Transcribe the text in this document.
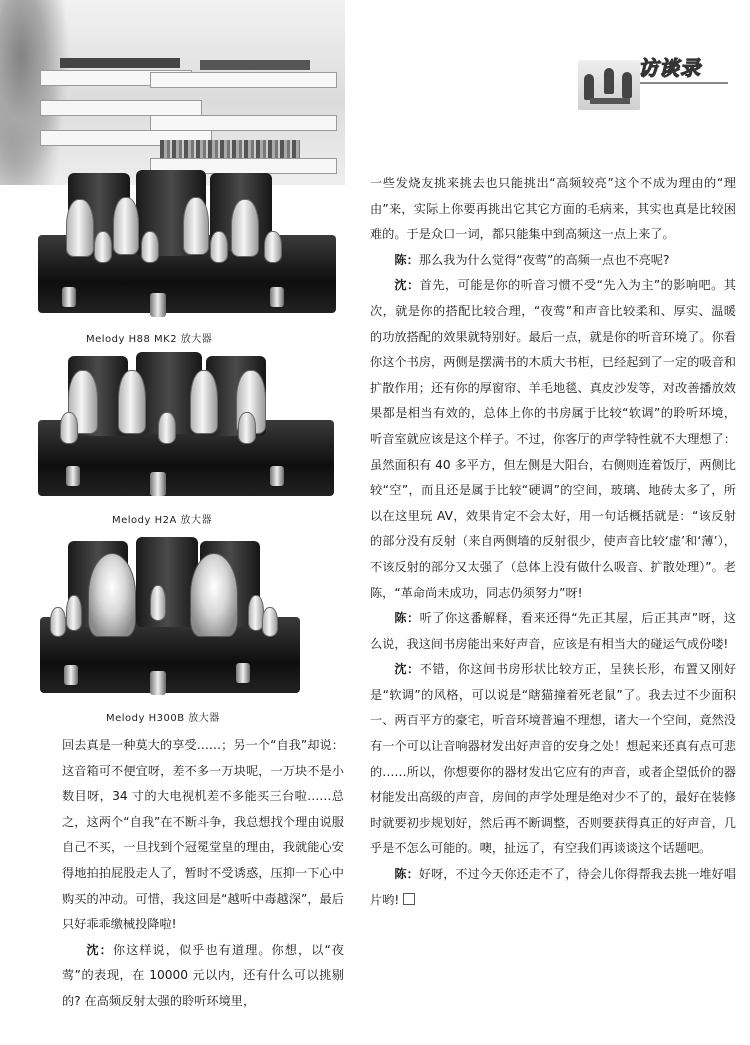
Melody H88 MK2 放大器
Melody H2A 放大器
Melody H300B 放大器
访谈录

一些发烧友挑来挑去也只能挑出“高频较亮”这个不成为理由的“理由”来，实际上你要再挑出它其它方面的毛病来，其实也真是比较困难的。于是众口一词，都只能集中到高频这一点上来了。

陈：那么我为什么觉得“夜莺”的高频一点也不亮呢?

沈：首先，可能是你的听音习惯不受“先入为主”的影响吧。其次，就是你的搭配比较合理，“夜莺”和声音比较柔和、厚实、温暖的功放搭配的效果就特别好。最后一点，就是你的听音环境了。你看你这个书房，两侧是摆满书的木质大书柜，已经起到了一定的吸音和扩散作用；还有你的厚窗帘、羊毛地毯、真皮沙发等，对改善播放效果都是相当有效的，总体上你的书房属于比较“软调”的聆听环境，听音室就应该是这个样子。不过，你客厅的声学特性就不大理想了：虽然面积有 40 多平方，但左侧是大阳台，右侧则连着饭厅，两侧比较“空”，而且还是属于比较“硬调”的空间，玻璃、地砖太多了，所以在这里玩 AV，效果肯定不会太好，用一句话概括就是：“该反射的部分没有反射（来自两侧墙的反射很少，使声音比较‘虚’和‘薄’），不该反射的部分又太强了（总体上没有做什么吸音、扩散处理）”。老陈，“革命尚未成功，同志仍须努力”呀!

陈：听了你这番解释，看来还得“先正其屋，后正其声”呀，这么说，我这间书房能出来好声音，应该是有相当大的碰运气成份喽!

沈：不错，你这间书房形状比较方正，呈狭长形，布置又刚好是“软调”的风格，可以说是“瞎猫撞着死老鼠”了。我去过不少面积一、两百平方的豪宅，听音环境普遍不理想，诸大一个空间，竟然没有一个可以让音响器材发出好声音的安身之处！想起来还真有点可悲的……所以，你想要你的器材发出它应有的声音，或者企望低价的器材能发出高级的声音，房间的声学处理是绝对少不了的，最好在装修时就要初步规划好，然后再不断调整，否则要获得真正的好声音，几乎是不怎么可能的。噢，扯远了，有空我们再谈谈这个话题吧。

陈：好呀，不过今天你还走不了，待会儿你得帮我去挑一堆好唱片哟!

回去真是一种莫大的享受……；另一个“自我”却说：这音箱可不便宜呀，差不多一万块呢，一万块不是小数目呀，34 寸的大电视机差不多能买三台啦……总之，这两个“自我”在不断斗争，我总想找个理由说服自己不买，一旦找到个冠冕堂皇的理由，我就能心安得地拍拍屁股走人了，暂时不受诱惑，压抑一下心中购买的冲动。可惜，我这回是“越听中毒越深”，最后只好乖乖缴械投降啦!

沈：你这样说，似乎也有道理。你想，以“夜莺”的表现，在 10000 元以内，还有什么可以挑剔的? 在高频反射太强的聆听环境里，
